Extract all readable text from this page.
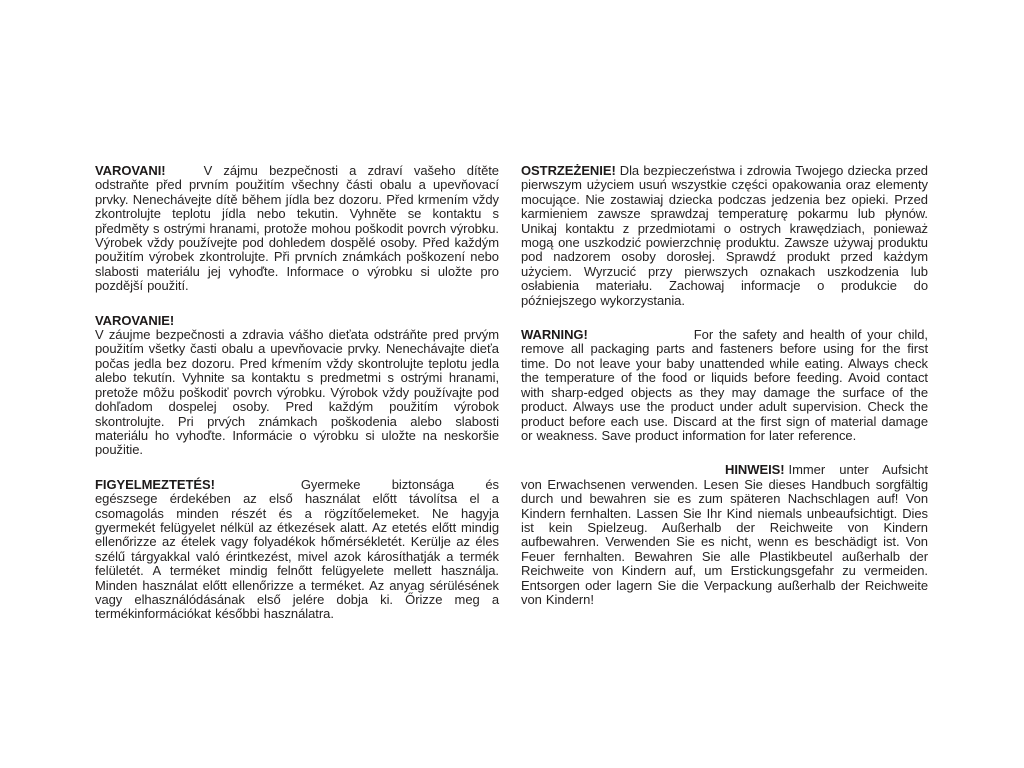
VAROVANI!	V zájmu bezpečnosti a zdraví vašeho dítěte odstraňte před prvním použitím všechny části obalu a upevňovací prvky. Nenechávejte dítě během jídla bez dozoru. Před krmením vždy zkontrolujte teplotu jídla nebo tekutin. Vyhněte se kontaktu s předměty s ostrými hranami, protože mohou poškodit povrch výrobku. Výrobek vždy používejte pod dohledem dospělé osoby. Před každým použitím výrobek zkontrolujte. Při prvních známkách poškození nebo slabosti materiálu jej vyhoďte. Informace o výrobku si uložte pro pozdější použití.

VAROVANIE!
V záujme bezpečnosti a zdravia vášho dieťata odstráňte pred prvým použitím všetky časti obalu a upevňovacie prvky. Nenechávajte dieťa počas jedla bez dozoru. Pred kŕmením vždy skontrolujte teplotu jedla alebo tekutín. Vyhnite sa kontaktu s predmetmi s ostrými hranami, pretože môžu poškodiť povrch výrobku. Výrobok vždy používajte pod dohľadom dospelej osoby. Pred každým použitím výrobok skontrolujte. Pri prvých známkach poškodenia alebo slabosti materiálu ho vyhoďte. Informácie o výrobku si uložte na neskoršie použitie.

FIGYELMEZTETÉS!	Gyermeke biztonsága és egészsege érdekében az első használat előtt távolítsa el a csomagolás minden részét és a rögzítőelemeket. Ne hagyja gyermekét felügyelet nélkül az étkezések alatt. Az etetés előtt mindig ellenőrizze az ételek vagy folyadékok hőmérsékletét. Kerülje az éles szélű tárgyakkal való érintkezést, mivel azok károsíthatják a termék felületét. A terméket mindig felnőtt felügyelete mellett használja. Minden használat előtt ellenőrizze a terméket. Az anyag sérülésének vagy elhasználódásának első jelére dobja ki. Őrizze meg a termékinformációkat későbbi használatra.

OSTRZEŻENIE! Dla bezpieczeństwa i zdrowia Twojego dziecka przed pierwszym użyciem usuń wszystkie części opakowania oraz elementy mocujące. Nie zostawiaj dziecka podczas jedzenia bez opieki. Przed karmieniem zawsze sprawdzaj temperaturę pokarmu lub płynów. Unikaj kontaktu z przedmiotami o ostrych krawędziach, ponieważ mogą one uszkodzić powierzchnię produktu. Zawsze używaj produktu pod nadzorem osoby dorosłej. Sprawdź produkt przed każdym użyciem. Wyrzucić przy pierwszych oznakach uszkodzenia lub osłabienia materiału. Zachowaj informacje o produkcie do późniejszego wykorzystania.

WARNING!	For the safety and health of your child, remove all packaging parts and fasteners before using for the first time. Do not leave your baby unattended while eating. Always check the temperature of the food or liquids before feeding. Avoid contact with sharp-edged objects as they may damage the surface of the product. Always use the product under adult supervision. Check the product before each use. Discard at the first sign of material damage or weakness. Save product information for later reference.

HINWEIS! Immer unter Aufsicht von Erwachsenen verwenden. Lesen Sie dieses Handbuch sorgfältig durch und bewahren sie es zum späteren Nachschlagen auf! Von Kindern fernhalten. Lassen Sie Ihr Kind niemals unbeaufsichtigt. Dies ist kein Spielzeug. Außerhalb der Reichweite von Kindern aufbewahren. Verwenden Sie es nicht, wenn es beschädigt ist. Von Feuer fernhalten. Bewahren Sie alle Plastikbeutel außerhalb der Reichweite von Kindern auf, um Erstickungsgefahr zu vermeiden. Entsorgen oder lagern Sie die Verpackung außerhalb der Reichweite von Kindern!
